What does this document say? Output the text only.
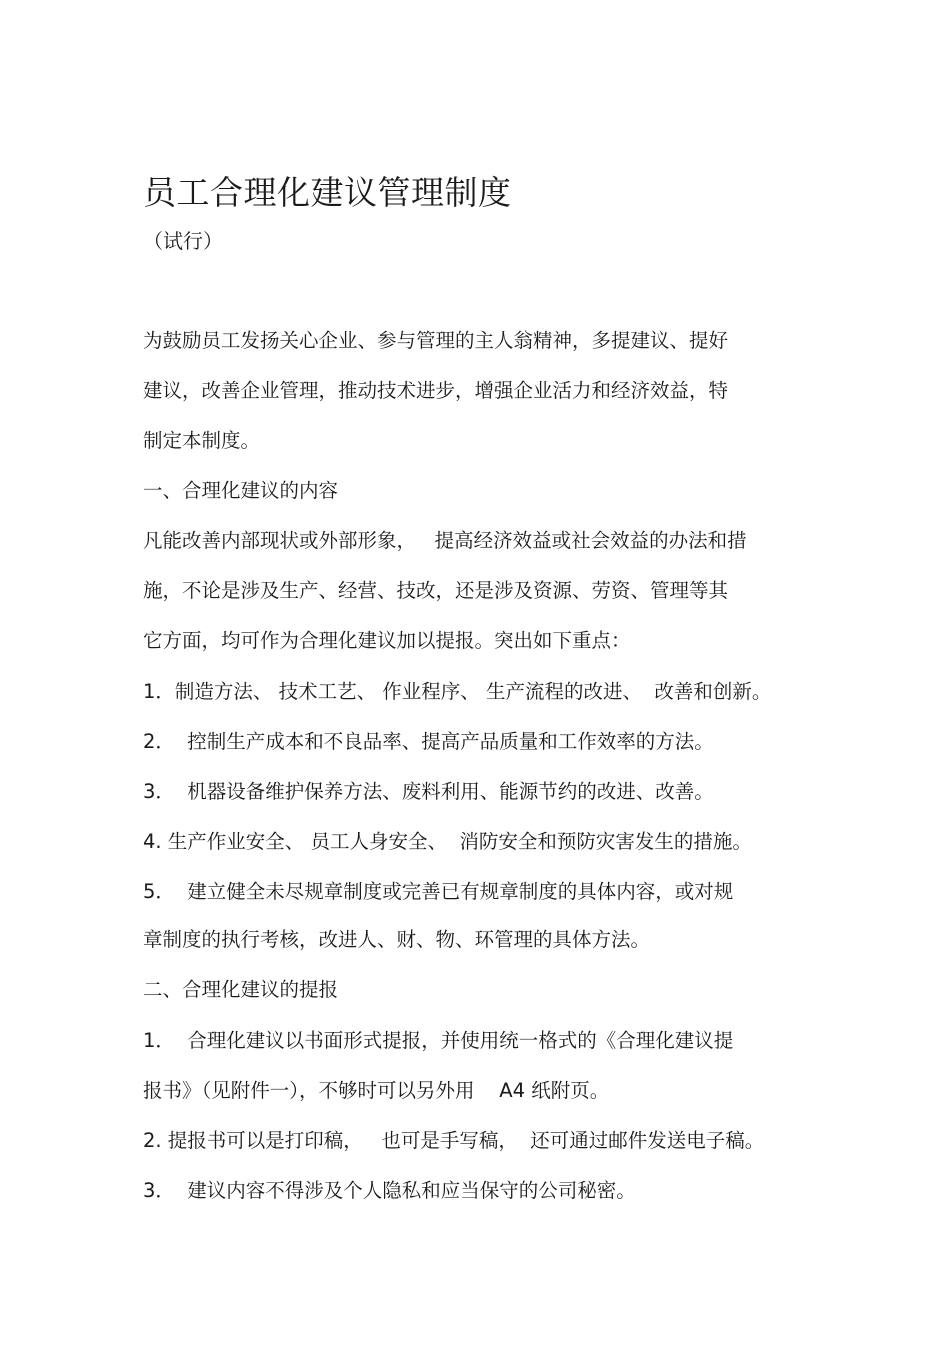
员工合理化建议管理制度
（试行）
为鼓励员工发扬关心企业、参与管理的主人翁精神，多提建议、提好
建议，改善企业管理，推动技术进步，增强企业活力和经济效益，特
制定本制度。
一、合理化建议的内容
凡能改善内部现状或外部形象，   提高经济效益或社会效益的办法和措
施，不论是涉及生产、经营、技改，还是涉及资源、劳资、管理等其
它方面，均可作为合理化建议加以提报。突出如下重点：
1．制造方法、 技术工艺、 作业程序、 生产流程的改进、  改善和创新。
2．  控制生产成本和不良品率、提高产品质量和工作效率的方法。
3．  机器设备维护保养方法、废料利用、能源节约的改进、改善。
4. 生产作业安全、 员工人身安全、  消防安全和预防灾害发生的措施。
5．  建立健全未尽规章制度或完善已有规章制度的具体内容，或对规
章制度的执行考核，改进人、财、物、环管理的具体方法。
二、合理化建议的提报
1．  合理化建议以书面形式提报，并使用统一格式的《合理化建议提
报书》（见附件一），不够时可以另外用    A4 纸附页。
2. 提报书可以是打印稿，   也可是手写稿，  还可通过邮件发送电子稿。
3．  建议内容不得涉及个人隐私和应当保守的公司秘密。
